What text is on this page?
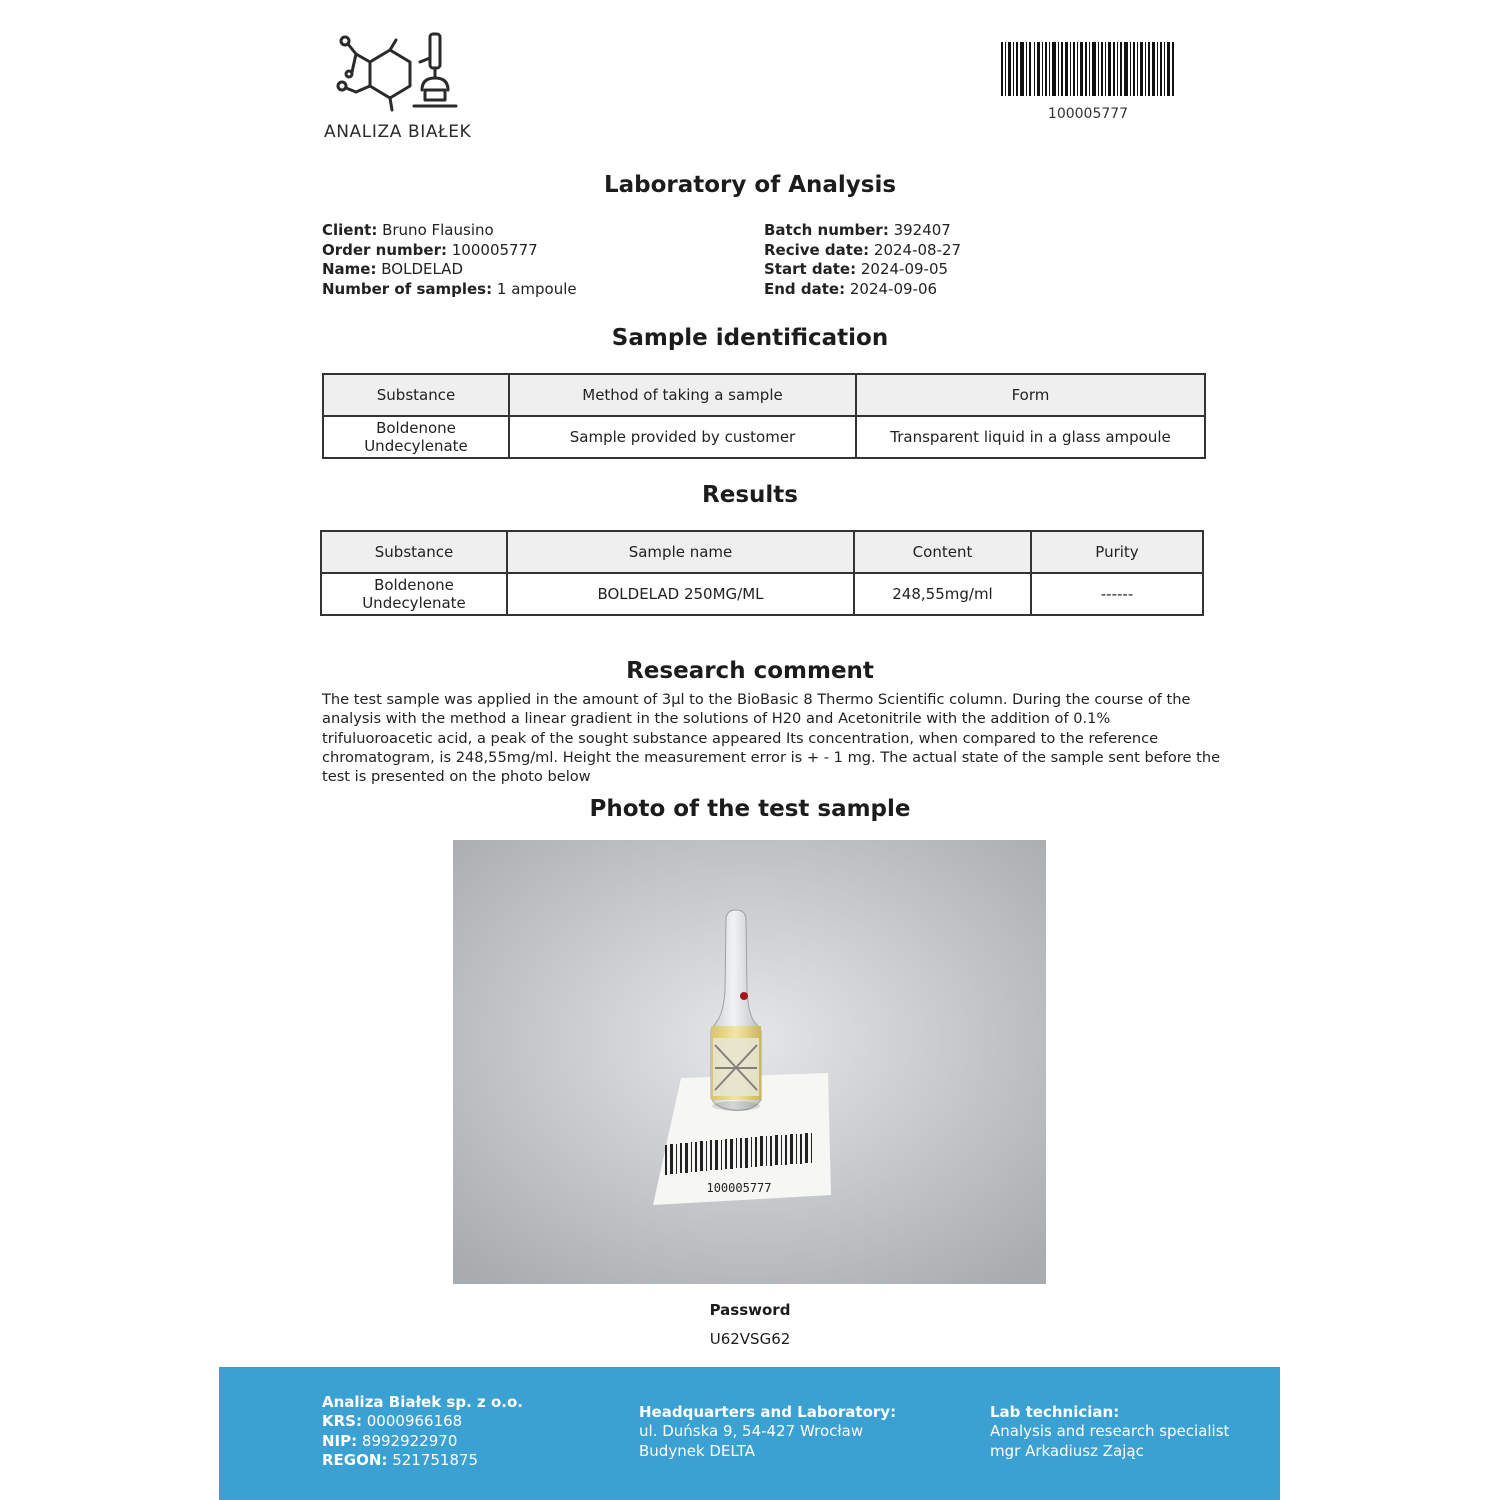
ANALIZA BIAŁEK
100005777
Laboratory of Analysis
Client: Bruno Flausino
Order number: 100005777
Name: BOLDELAD
Number of samples: 1 ampoule
Batch number: 392407
Recive date: 2024-08-27
Start date: 2024-09-05
End date: 2024-09-06
Sample identification
Substance	Method of taking a sample	Form
Boldenone Undecylenate	Sample provided by customer	Transparent liquid in a glass ampoule
Results
Substance	Sample name	Content	Purity
Boldenone Undecylenate	BOLDELAD 250MG/ML	248,55mg/ml	------
Research comment
The test sample was applied in the amount of 3µl to the BioBasic 8 Thermo Scientific column. During the course of the analysis with the method a linear gradient in the solutions of H20 and Acetonitrile with the addition of 0.1% trifuluoroacetic acid, a peak of the sought substance appeared Its concentration, when compared to the reference chromatogram, is 248,55mg/ml. Height the measurement error is + - 1 mg. The actual state of the sample sent before the test is presented on the photo below
Photo of the test sample
100005777
Password
U62VSG62
Analiza Białek sp. z o.o.
KRS: 0000966168
NIP: 8992922970
REGON: 521751875
Headquarters and Laboratory:
ul. Duńska 9, 54-427 Wrocław
Budynek DELTA
Lab technician:
Analysis and research specialist
mgr Arkadiusz Zając
